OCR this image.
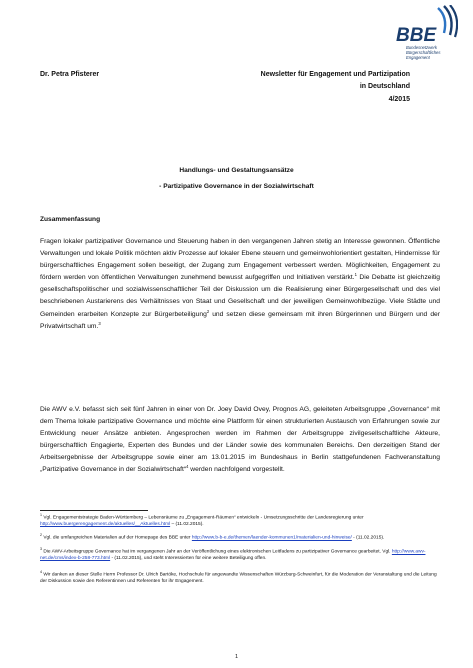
BBE
Bundesnetzwerk
Bürgerschaftliches
Engagement
Dr. Petra Pfisterer	Newsletter für Engagement und Partizipation
in Deutschland
4/2015
Handlungs- und Gestaltungsansätze
- Partizipative Governance in der Sozialwirtschaft
Zusammenfassung

Fragen lokaler partizipativer Governance und Steuerung haben in den vergangenen Jahren stetig an Interesse gewonnen. Öffentliche Verwaltungen und lokale Politik möchten aktiv Prozesse auf lokaler Ebene steuern und gemeinwohlorientiert gestalten, Hindernisse für bürgerschaftliches Engagement sollen beseitigt, der Zugang zum Engagement verbessert werden. Möglichkeiten, Engagement zu fördern werden von öffentlichen Verwaltungen zunehmend bewusst aufgegriffen und Initiativen verstärkt.$^1$ Die Debatte ist gleichzeitig gesellschaftspolitischer und sozialwissenschaftlicher Teil der Diskussion um die Realisierung einer Bürgergesellschaft und des viel beschriebenen Austarierens des Verhältnisses von Staat und Gesellschaft und der jeweiligen Gemeinwohlbezüge. Viele Städte und Gemeinden erarbeiten Konzepte zur Bürgerbeteiligung$^2$ und setzen diese gemeinsam mit ihren Bürgerinnen und Bürgern und der Privatwirtschaft um.$^3$

Die AWV e.V. befasst sich seit fünf Jahren in einer von Dr. Joey David Ovey, Prognos AG, geleiteten Arbeitsgruppe „Governance“ mit dem Thema lokale partizipative Governance und möchte eine Plattform für einen strukturierten Austausch von Erfahrungen sowie zur Entwicklung neuer Ansätze anbieten. Angesprochen werden im Rahmen der Arbeitsgruppe zivilgesellschaftliche Akteure, bürgerschaftlich Engagierte, Experten des Bundes und der Länder sowie des kommunalen Bereichs. Den derzeitigen Stand der Arbeitsergebnisse der Arbeitsgruppe sowie einer am 13.01.2015 im Bundeshaus in Berlin stattgefundenen Fachveranstaltung „Partizipative Governance in der Sozialwirtschaft“$^4$ werden nachfolgend vorgestellt.

$^1$ Vgl. Engagementstrategie Baden-Württemberg – Lebensräume zu „Engagement-Räumen“ entwickeln - Umsetzungsschritte der Landesregierung unter http://www.buergerengagement.de/aktuelles/__Aktuelles.html – (11.02.2015).

$^2$ Vgl. die umfangreichen Materialien auf der Homepage des BBE unter http://www.b-b-e.de/themen/laender-kommunen1/materialien-und-hinweise/ - (11.02.2015).

$^3$ Die AWV-Arbeitsgruppe Governance hat im vergangenen Jahr an der Veröffentlichung eines elektronischen Leitfadens zu partizipativer Governance gearbeitet. Vgl. http://www.awv-net.de/cms/index-b-258-773.html - (11.02.2015), und steht Interessierten für eine weitere Beteiligung offen.

$^4$ Wir danken an dieser Stelle Herrn Professor Dr. Ulrich Bartöke, Hochschule für angewandte Wissenschaften Würzburg-Schweinfurt, für die Moderation der Veranstaltung und die Leitung der Diskussion sowie den Referentinnen und Referenten für ihr Engagement.

1
